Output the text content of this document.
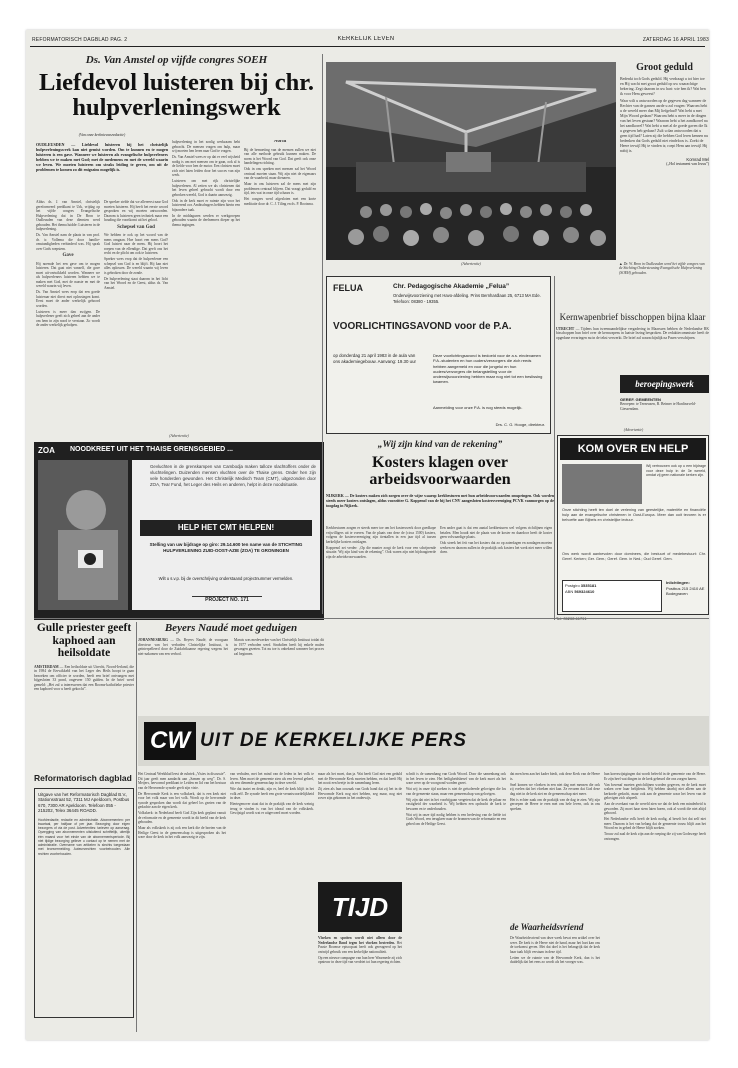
REFORMATORISCH DAGBLAD PAG. 2	KERKELIJK LEVEN	ZATERDAG 16 APRIL 1983
Ds. Van Amstel op vijfde congres SOEH
Liefdevol luisteren bij chr. hulpverleningswerk
(Van onze kerknieuwsredactie)
OUDLEUSDEN — Liefdevol luisteren bij het christelijk hulpverleningswerk kan niet gemist worden. Om te kunnen en te mogen luisteren is een gave. Wanneer we luisteren als evangelische hulpverleners hebben we te maken met God; met de medemens en met de wereld waarin we leven. We moeten luisteren om straks leiding te geven, om uit de problemen te komen zo dit enigszins mogelijk is.

Aldus ds. J. van Amstel, christelijk gereformeerd predikant te Urk, vrijdag op het vijfde congres Evangelische Hulpverlening dat in De Bron te Oudleusden van deze diensten werd gehouden. Het thema luidde: Luisteren in de hulpverlening.

Ds. Van Amstel nam de plaats in van prof. dr. ir. Vollema die door familie-omstandigheden verhinderd was. Hij sprak over Gods roepstem.

Gave

Hij noemde het een gave om te mogen luisteren. Dat gaat niet vanzelf, die gave moet uit-ontwikkeld worden. Wanneer we als hulpverleners luisteren hebben we te maken met God, met de naaste en met de wereld waarin wij leven.

Ds. Van Amstel wees erop dat een goede luisteraar niet direct met oplossingen komt. Eerst moet de ander werkelijk gehoord worden.

Luisteren is meer dan zwijgen. De hulpverlener geeft zich geheel aan de ander om hem in zijn nood te verstaan. Zo wordt de ander werkelijk geholpen.

De spreker stelde dat we allereerst naar God moeten luisteren. Hij heeft het eerste woord gesproken en wij moeten antwoorden. Daarom is luisteren geen techniek maar een houding die voortkomt uit het geloof.

Schepsel van God

We hebben te ook op het woord van de mens omgaan. Hoe hoort een mens God? God luistert naar de mens. Hij hoort het roepen van de ellendige. Dat geeft ons het recht en de plicht om ook te luisteren.

Spreker wees erop dat de hulpverlener een schepsel van God is en blijft. Hij kan niet alles oplossen. De wereld waarin wij leven is gebroken door de zonde.

De hulpverlening staat daarom in het licht van het Woord en de Geest, aldus ds. Van Amstel.

hulpverlening in het zonlig werkzaam hebt gebracht. De mensen vragen om hulp, maar wij moeten hen leren naar God te vragen.

Ds. Van Amstel wees er op dat er veel wijsheid nodig is om met mensen om te gaan, ook al is de liefde voor hen de motor. Een christen moet zich niet laten leiden door het succes van zijn werk.

Luisteren om met rijk christelijke hulpverlenen. Al zetten we als christenen dat het leven geheel gebracht wordt door een gebroken wereld, God is daarin aanwezig.

Ook in de kerk moet er ruimte zijn voor het luisterend oor. Ambtsdragers hebben hierin een bijzondere taak.

In de middaguren werden er werkgroepen gehouden waarin de deelnemers dieper op het thema ingingen.

Norm

Bij de bemoeiing van de mensen zullen we niet van alle methode gebruik kunnen maken. De norm is het Woord van God. Dat geeft ook onze handelingen richting.

Ook in ons spreken met mensen zal het Woord centraal moeten staan. Wij zijn niet de eigenaars van de waarheid, maar dienaren.

Maar in ons luisteren zal de mens met zijn problemen centraal blijven. Dat vraagt geduld en tijd, iets wat in onze tijd schaars is.

Het congres werd afgesloten met een korte meditatie door dr. C. J. Tiling en ds. P. Bootsma.

(Advertentie)
Groot geduld
Bedenkt toch Gods geduld. Hij verdraagt u tot hier toe en Hij wacht met groot geduld op uw waarachtige bekering. Zegt daarom in uw hart: wie ben ik? Wat ben ik voor Hem geweest?
Waar wilt u antwoorden op de gegeven dag wanneer de Rechter van de gansen aarde u zal vragen: Waarom hebt u de wereld meer dan Mij liefgehad? Wat hebt u met Mijn Woord gedaan? Waarom hebt u meer in de dingen van het leven gestaan? Waarom hebt u het zandkorrel na het zandkorrel? Wat hebt u met al de goede gaven die Ik u gegeven heb gedaan? Zult u dan antwoorden dat u geen tijd had? Laten zij die hebben God leren kennen nu bedenken dat Gods geduld niet eindeloos is. Zoekt de Heere terwijl Hij te vinden is; roept Hem aan terwijl Hij nabij is.
Komrad Mel
(„Hol testament van Jezus”)
▲ Dr. W. Bron in Oudleusden werd het vijfde congres van de Stichting Ondersteuning Evangelische Hulpverlening (SOEH) gehouden.
FELUA	Chr. Pedagogische Akademie „Felua”
Onderwijsvoorziening met Havo-afdeling. Prins Bernhardlaan 25, 6713 MA Ede. Telefoon: 08380 - 19355.
VOORLICHTINGSAVOND voor de P.A.
op donderdag 21 april 1983 in de aula van ons akademiegebouw. Aanvang: 19.30 uur
Deze voorlichtingsavond is bedoeld voor de a.s. eindexamen P.A.-studenten en hun ouders/verzorgers die zich reeds hebben aangemeld en voor die jongelui en hun ouders/verzorgers die belangstelling voor de onderwijsvoorziening hebben maar nog niet tot een beslissing kwamen.
Aanmelding voor onze P.A. is nog steeds mogelijk.
Drs. C. G. Hooge, direkteur.
Kernwapenbrief bisschoppen bijna klaar
UTRECHT — Tijdens hun tweemaandelijkse vergadering in Maarssen hebben de Nederlandse RK bisschoppen hun brief over de kernwapens in laatste lezing besproken. De redaktiecommissie heeft de opgedane ervaringen nu in de tekst verwerkt. De brief zal waarschijnlijk na Pasen verschijnen.
beroepingswerk
GEREF. GEMEENTEN
Beroepen: te Terneuzen, B. Beimer te Hardinxveld-Giessendam.
(Advertentie)
ZOA	NOODKREET UIT HET THAISE GRENSGEBIED ...
Gevluchten in de grenskampen van Cambodja maken talloze slachtoffers onder de vluchtelingen. Duizenden mensen vluchten over de Thaise grens. Onder hen zijn vele honderden gewonden. Het Christelijk Medisch Team (CMT), uitgezonden door ZOA, Tear Fund, het Leger des Heils en anderen, helpt in deze noodsituatie.
HELP HET CMT HELPEN!
Stelling van uw bijdrage op giro: 29.14.600 ten name van de STICHTING HULPVERLENING ZUID-OOST-AZIE (ZOA) TE GRONINGEN
Wilt u s.v.p. bij de overschrijving onderstaand projectnummer vermelden.
PROJECT NO. 171
„Wij zijn kind van de rekening”
Kosters klagen over arbeidsvoorwaarden
NIJKERK — De kosters maken zich zorgen over de wijze waarop kerkbesturen met hun arbeidsvoorwaarden omspringen. Ook worden steeds meer kosters ontslagen, aldus voorzitter G. Koppenol van de bij het CNV aangesloten kostersvereniging PCVK vanmorgen op de toogdag in Nijkerk.

Kerkbesturen zorgen er steeds meer toe om het kosterswerk door goedkope vrijwilligers uit te voeren. Van de plaats van deze de (circa 1500) kosters, volgens de kostersvereniging zijn tientallen in een jaar tijd al tussen kerkelijke kosters ontslagen.

Koppenol zei verder: „Op die manier zorgt de kerk voor een schrijnende situatie. Wij zijn kind van de rekening”. Ook waren zijn niet bijdraagteerde zijn de arbeidsvoorwaarden.

Een ander gaat is dat een aantal kerkbesturen wel volgens richtlijnen eigen betalen. Men houdt niet de plaats van de koster en daardoor heeft de koster geen volwaardige plaats.

Ook streek het feit van het kosters dat zo op zaterdagen en zondagen moeten werken en daarom zullen in de praktijk ook kosters het werk niet meer willen doen.

(Advertentie)
KOM OVER EN HELP
Wij vertrouwen ook op u een bijdrage voor deze hulp in de 3e wereld, omdat zij geen nationale kerken zijn.
Onze stichting heeft ten doel de verlening van geestelijke, materiële en financiële hulp aan de evangelische christenen in Oost-Europa. Meer dan ooit tevoren is er behoefte aan Bijbels en christelijke lectuur.
Ons werk wordt aanbevolen door dominees, die bestuurt of medebestuurt: Chr. Geref. Kerken; Ger. Gem.; Geref. Gem. in Ned.; Oud Geref. Gem.
Postgiro 3535181
ABN 569324610
Inlichtingen:
Postbus 215 2410 AE Bodegraven
Gulle priester geeft kaphoed aan heilsoldate
AMSTERDAM — Een heilsoldate uit Utrecht, Noord-Ierland, die in 1984 de Eerwikkeld van het Leger des Heils hoopt te gaan bezoeken om officier te worden, heeft een brief ontvangen met bijgesloten 33 pond, ongeveer 150 gulden. In de brief werd gemeld: „Het zal u interesseren dat een Rooms-katholieke priester een kaphoed voor u heeft gekocht”.
Beyers Naudé moet geduigen
JOHANNESBURG — Ds. Beyers Naudé, de voorgaan directeur van het verboden Christelijke Instituut, is geïnterpelleerd door de Zuidafrikaanse regering wegens het niet-nakomen van een verbod.
Marais was medewerker van het Christelijk Instituut totdat dit in 1977 verboden werd. Sindsdien heeft hij enkele malen gevangen gezeten. Tot nu toe is onbekend wanneer het proces zal beginnen.
Reformatorisch dagblad
Uitgave van het Reformatorisch Dagblad B.V., Stationsstraat 52, 7311 MJ Apeldoorn, Postbus 670, 7300 AR Apeldoorn. Telefoon 055 - 215202, Telex 36445 ROADD.
Hoofdredactie, redactie en administratie. Abonnementen: per kwartaal, per halfjaar of per jaar. Bezorging door eigen bezorgers of via de post. Advertenties: tarieven op aanvraag. Opzegging van abonnementen uitsluitend schriftelijk, uiterlijk één maand voor het einde van de abonnementsperiode. Bij niet tijdige bezorging gelieve u contact op te nemen met de administratie. Overname van artikelen is slechts toegestaan met bronvermelding. Auteursrechten voorbehouden. Alle rechten voorbehouden.
CW UIT DE KERKELIJKE PERS

Het Centraal Weekblad leest de rubriek „Visies in discussie”. Dit jaar geeft men aandacht aan „Samen op weg”. Dr. S. Meijers, hervormd predikant te Leiden en lid van het bestuur van de Hervormde synode geeft zijn visie.

De Hervormde Kerk is een volkskerk, dat is een kerk niet voor het volk maar van het volk. Wordt op de hervormde synode gesproken dan wordt dat geheel los gezien van de gedachte aan de eigen kerk.

Volkskerk: in Nederland heeft God Zijn kerk geplant vanuit de reformatie en de gemeente wordt in dit beeld van de kerk gehouden.

Maar als volkskerk is zij ook een kerk die de boeien van de Heilige Geest in de gemeenschap is uitgesproken als het ware door de kerk in het volk aanwezig te zijn.

van verhalen, met het mind van de leden in het volk te leven. Men moet de gemeente zien als een levend geheel, als een dienende gemeenschap in deze wereld.

Wie dat inziet en denkt, zijn er, heel de kerk blijft in het volk zelf. De synode heeft een grote verantwoordelijkheid in deze.

Hiertegenover staat dat in de praktijk van de kerk weinig terug te vinden is van het ideaal van de volkskerk. Gewijzigd wordt wat er uitgevoerd moet worden.

maar als het moet, dan ja. Wat heeft God niet een geduld met de Hervormde Kerk moeten hebben, en dat heeft Hij het nooit een beetje in de samenhang leren.

Zij zien als hun oorzaak van Gods hand dat zij het in de Hervormde Kerk nog niet hebben, zeg maar, nog niet zover zijn gekomen in het onderwijs.

TIJD

Vloeken en spotten wordt niet alleen door de Nederlandse Bond tegen het vloeken bestreden. Het Passie Boomse episcopaat heeft ook gereageerd op het ontwijd gebruik van een kerkelijke nationaliteit.

Op een nieuwe campagne van hun heer Waarmede zij zich opnieuw in deze tijd van verdriet tot hun regering richten.

schrift is de samenhang van Gods Woord. Door die samenhang ook in het leven te zien. Het heiligheidsbesef van de kerk moet als het ware weer op de voorgrond worden gezet.

Wat wij in onze tijd zoeken is niet de geïsoleerde gelovigen die los van de gemeente staan, maar een gemeenschap van gelovigen.

Wij zijn dat niet in het voorbijgaan vergeten dat de kerk de pilaar en vastigheid der waarheid is. Wij hebben een opdracht de kerk te bewaren en te onderhouden.

Wat wij in onze tijd nodig hebben is een herleving van de liefde tot Gods Woord, een terugkeer naar de bronnen van de reformatie en een gebed om de Heilige Geest.

dat men hem aan het kader biedt, ook deze Kerk van de Heere is.

Snel komen we vloeken in een niet dag met mensen die ook zij voelen dat het vloeken niet kan. Ze ervaren dat God deze dag niet in de kerk ziet en de gemeenschap niet meer.

Het is echter zaak om de praktijk van de dag te zien. Wij zijn geroepen de Heere te eren met ons hele leven, ook in ons spreken.

de Waarheidsvriend

De Waarheidsvriend van deze week bevat een artikel over het weer. De kerk is de Heere niet de hand, maar het hart kan ons de toekomst geven. Met dat doel is het belangrijk dat de kerk haar taak blijft verstaan in deze tijd.

Letten we de ruimte van de Hervormde Kerk, dan is het duidelijk dat het eens zo wordt als het vroeger was.

hun koerswijzigingen dat wordt beleefd in de gemeente van de Heere. Er zijn heel wat dingen in de kerk gebeurd die ons zorgen baren.

Van bovenaf moeten gerichtlijnen worden gegeven, en de kerk moet waken over haar belijdenis. Wij hebben daarbij niet alleen aan de kerkorde gedacht, maar ook aan de gemeente waar het leven van de gelovigen zich afspeelt.

Aan de overkant van de wereld zien we dat de kerk een minderheid is geworden. Zij moet haar stem laten horen, ook al wordt die niet altijd gehoord.

Het Nederlandse volk heeft de kerk nodig, al beseft het dat zelf niet meer. Daarom is het van belang dat de gemeente trouw blijft aan het Woord en in gebed de Heere blijft zoeken.

Trouw zal zaal de kerk zijn aan de roeping die zij van Godswege heeft ontvangen.
